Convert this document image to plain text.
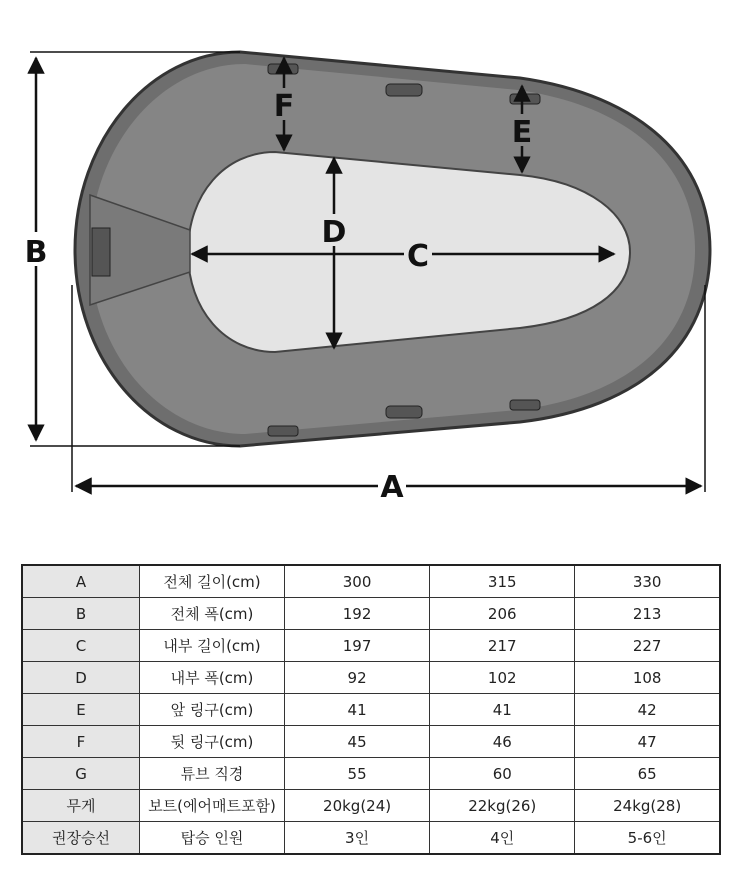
B
A
C
D
F
E
A	전체 길이(cm)	300	315	330
B	전체 폭(cm)	192	206	213
C	내부 길이(cm)	197	217	227
D	내부 폭(cm)	92	102	108
E	앞 링구(cm)	41	41	42
F	뒷 링구(cm)	45	46	47
G	튜브 직경	55	60	65
무게	보트(에어매트포함)	20kg(24)	22kg(26)	24kg(28)
권장승선	탑승 인원	3인	4인	5-6인
